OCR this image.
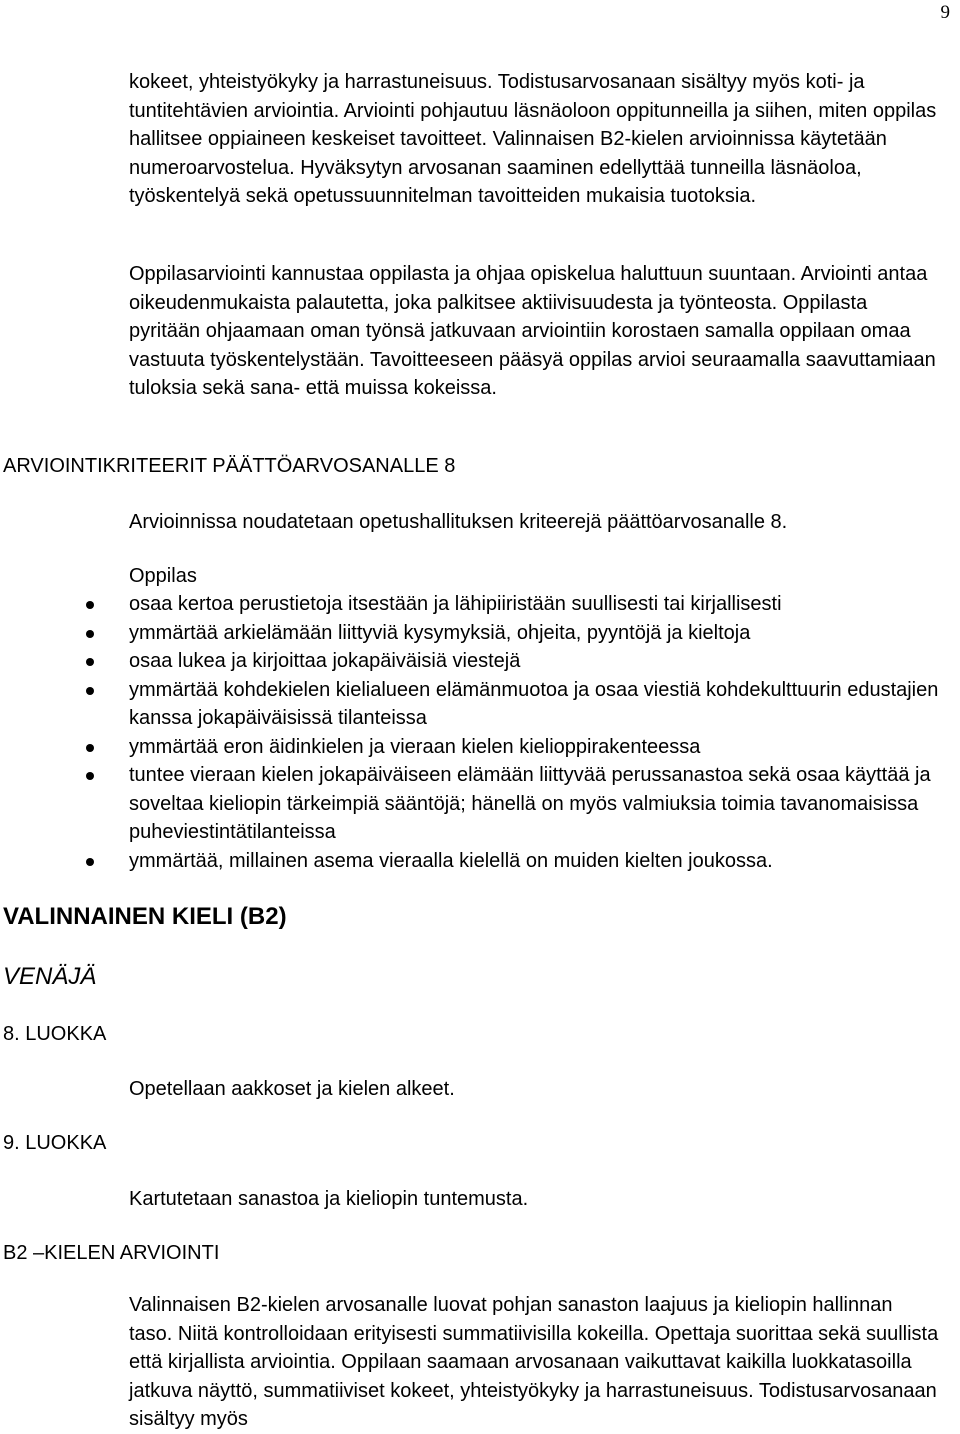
9

kokeet, yhteistyökyky ja harrastuneisuus. Todistusarvosanaan sisältyy myös koti- ja tuntitehtävien arviointia. Arviointi pohjautuu läsnäoloon oppitunneilla ja siihen, miten oppilas hallitsee oppiaineen keskeiset tavoitteet. Valinnaisen B2-kielen arvioinnissa käytetään numeroarvostelua. Hyväksytyn arvosanan saaminen edellyttää tunneilla läsnäoloa, työskentelyä sekä opetussuunnitelman tavoitteiden mukaisia tuotoksia.

Oppilasarviointi kannustaa oppilasta ja ohjaa opiskelua haluttuun suuntaan. Arviointi antaa oikeudenmukaista palautetta, joka palkitsee aktiivisuudesta ja työnteosta. Oppilasta pyritään ohjaamaan oman työnsä jatkuvaan arviointiin korostaen samalla oppilaan omaa vastuuta työskentelystään. Tavoitteeseen pääsyä oppilas arvioi seuraamalla saavuttamiaan tuloksia sekä sana- että muissa kokeissa.

ARVIOINTIKRITEERIT PÄÄTTÖARVOSANALLE 8

Arvioinnissa noudatetaan opetushallituksen kriteerejä päättöarvosanalle 8.

Oppilas

osaa kertoa perustietoja itsestään ja lähipiiristään suullisesti tai kirjallisesti
ymmärtää arkielämään liittyviä kysymyksiä, ohjeita, pyyntöjä ja kieltoja
osaa lukea ja kirjoittaa jokapäiväisiä viestejä
ymmärtää kohdekielen kielialueen elämänmuotoa ja osaa viestiä kohdekulttuurin edustajien kanssa jokapäiväisissä tilanteissa
ymmärtää eron äidinkielen ja vieraan kielen kielioppirakenteessa
tuntee vieraan kielen jokapäiväiseen elämään liittyvää perussanastoa sekä osaa käyttää ja soveltaa kieliopin tärkeimpiä sääntöjä; hänellä on myös valmiuksia toimia tavanomaisissa puheviestintätilanteissa
ymmärtää, millainen asema vieraalla kielellä on muiden kielten joukossa.
VALINNAINEN KIELI (B2)
VENÄJÄ
8. LUOKKA

Opetellaan aakkoset ja kielen alkeet.

9. LUOKKA

Kartutetaan sanastoa ja kieliopin tuntemusta.

B2 –KIELEN ARVIOINTI

Valinnaisen B2-kielen arvosanalle luovat pohjan sanaston laajuus ja kieliopin hallinnan taso. Niitä kontrolloidaan erityisesti summatiivisilla kokeilla. Opettaja suorittaa sekä suullista että kirjallista arviointia. Oppilaan saamaan arvosanaan vaikuttavat kaikilla luokkatasoilla jatkuva näyttö, summatiiviset kokeet, yhteistyökyky ja harrastuneisuus. Todistusarvosanaan sisältyy myös
